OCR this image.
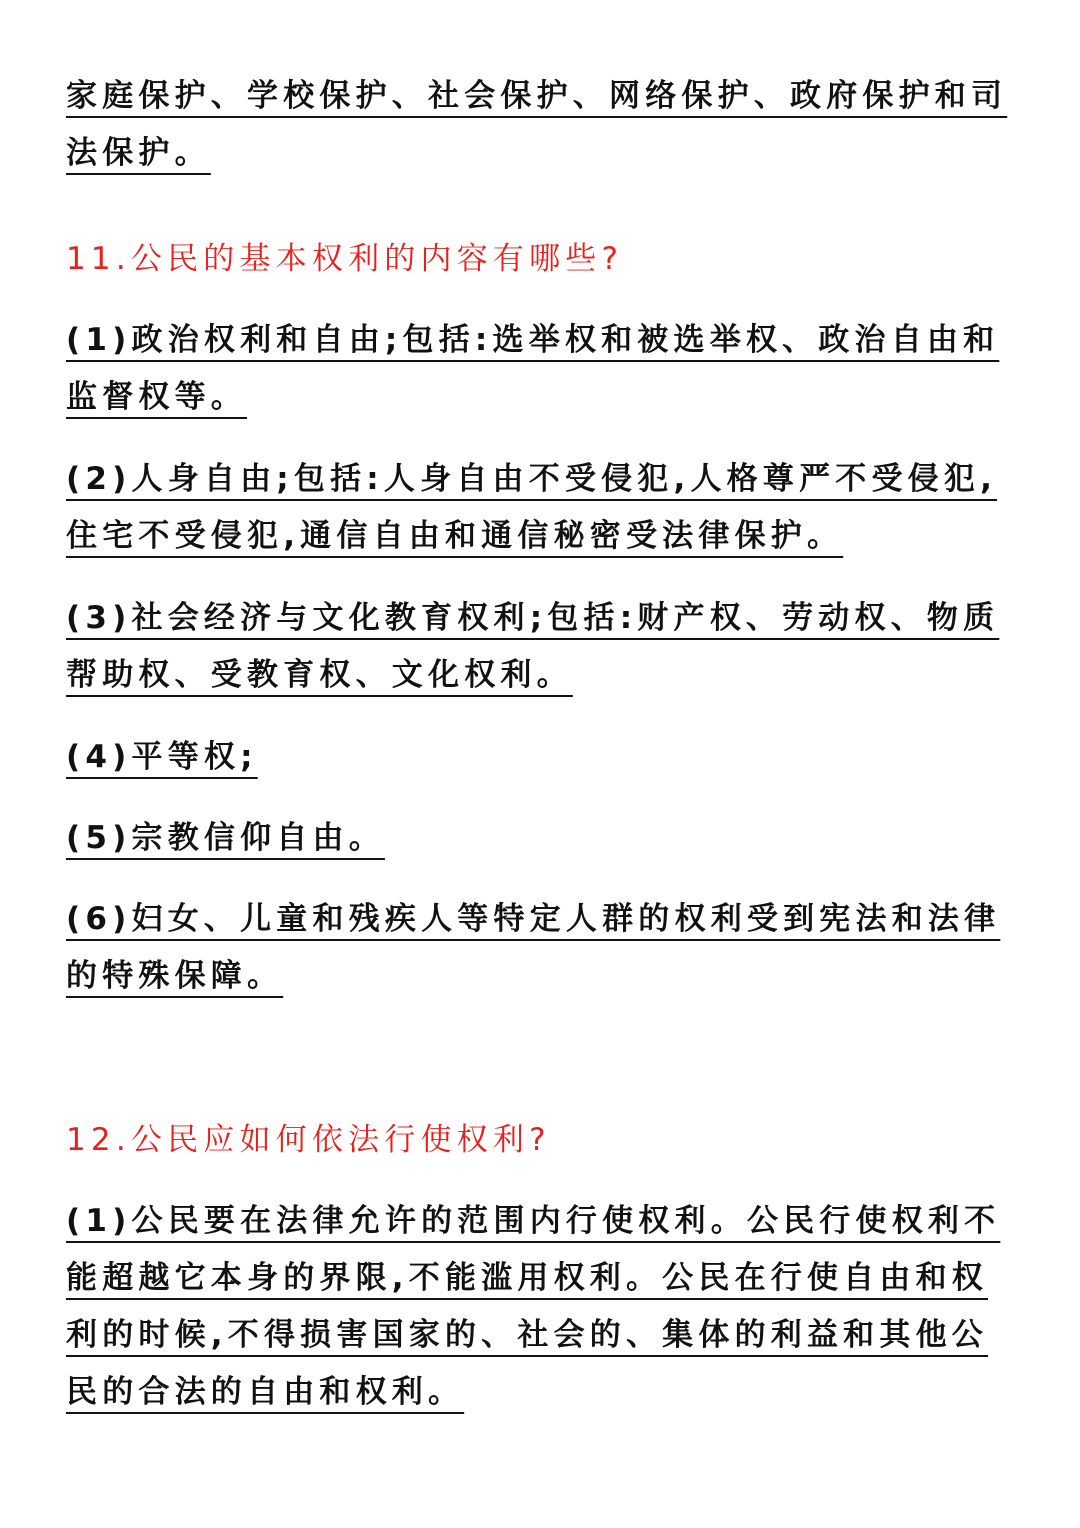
家庭保护、学校保护、社会保护、网络保护、政府保护和司法保护。

11.公民的基本权利的内容有哪些?

(1)政治权利和自由;包括:选举权和被选举权、政治自由和监督权等。

(2)人身自由;包括:人身自由不受侵犯,人格尊严不受侵犯,住宅不受侵犯,通信自由和通信秘密受法律保护。

(3)社会经济与文化教育权利;包括:财产权、劳动权、物质帮助权、受教育权、文化权利。

(4)平等权;

(5)宗教信仰自由。

(6)妇女、儿童和残疾人等特定人群的权利受到宪法和法律的特殊保障。

12.公民应如何依法行使权利?

(1)公民要在法律允许的范围内行使权利。公民行使权利不能超越它本身的界限,不能滥用权利。公民在行使自由和权利的时候,不得损害国家的、社会的、集体的利益和其他公民的合法的自由和权利。
